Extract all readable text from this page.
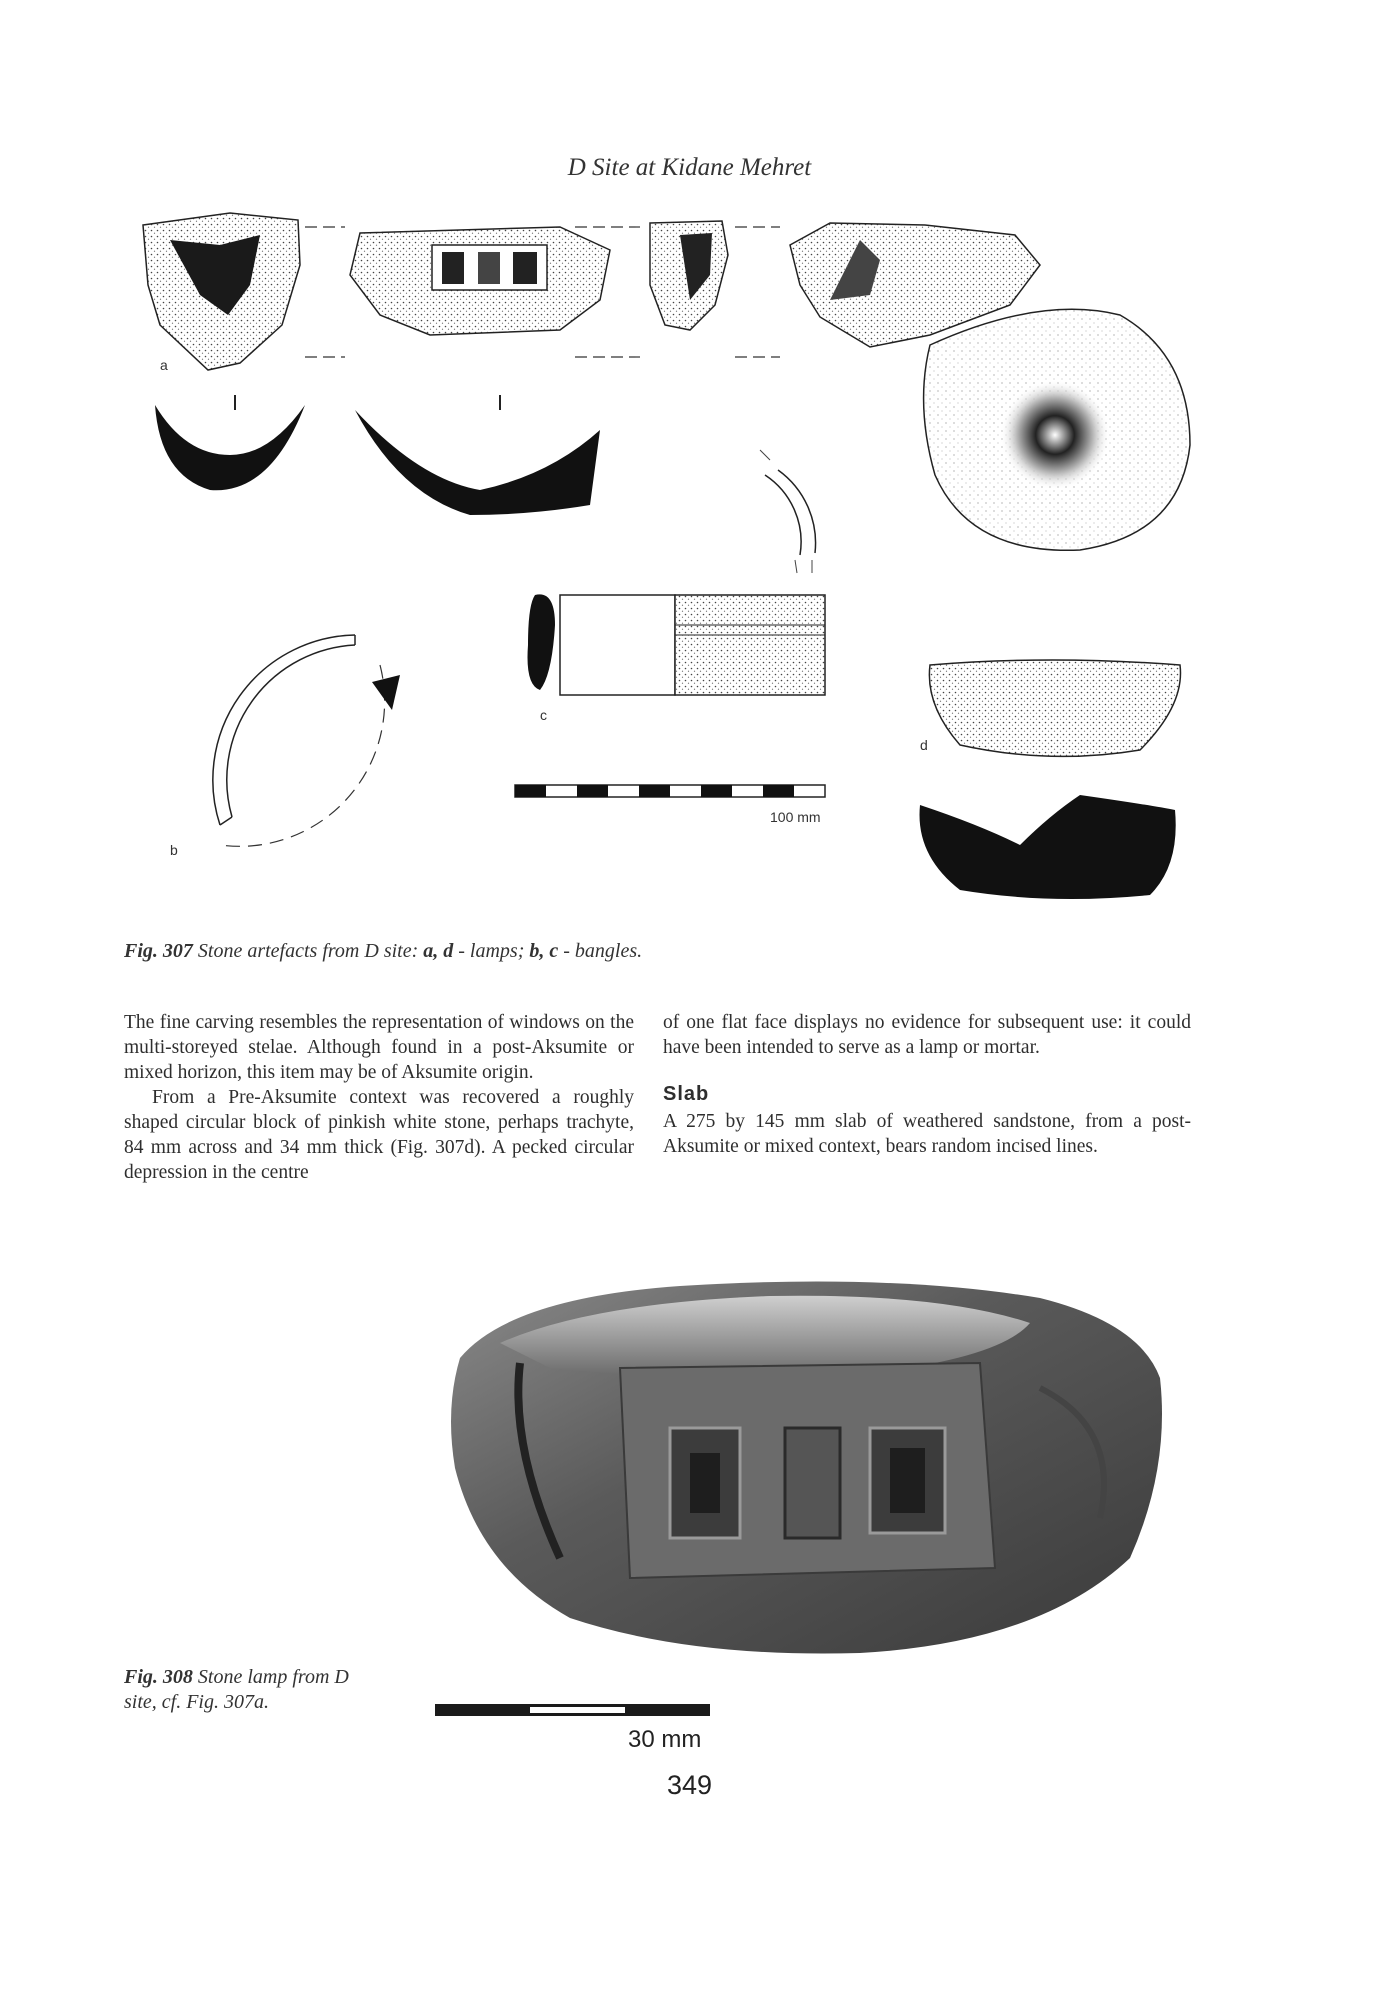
D Site at Kidane Mehret
a
b
c
100 mm
d
Fig. 307 Stone artefacts from D site: a, d - lamps; b, c - bangles.

The fine carving resembles the representation of windows on the multi-storeyed stelae. Although found in a post-Aksumite or mixed horizon, this item may be of Aksumite origin.

From a Pre-Aksumite context was recovered a roughly shaped circular block of pinkish white stone, perhaps trachyte, 84 mm across and 34 mm thick (Fig. 307d). A pecked circular depression in the centre

of one flat face displays no evidence for subsequent use: it could have been intended to serve as a lamp or mortar.

Slab

A 275 by 145 mm slab of weathered sandstone, from a post-Aksumite or mixed context, bears random incised lines.

Fig. 308 Stone lamp from D site, cf. Fig. 307a.
30 mm
349
